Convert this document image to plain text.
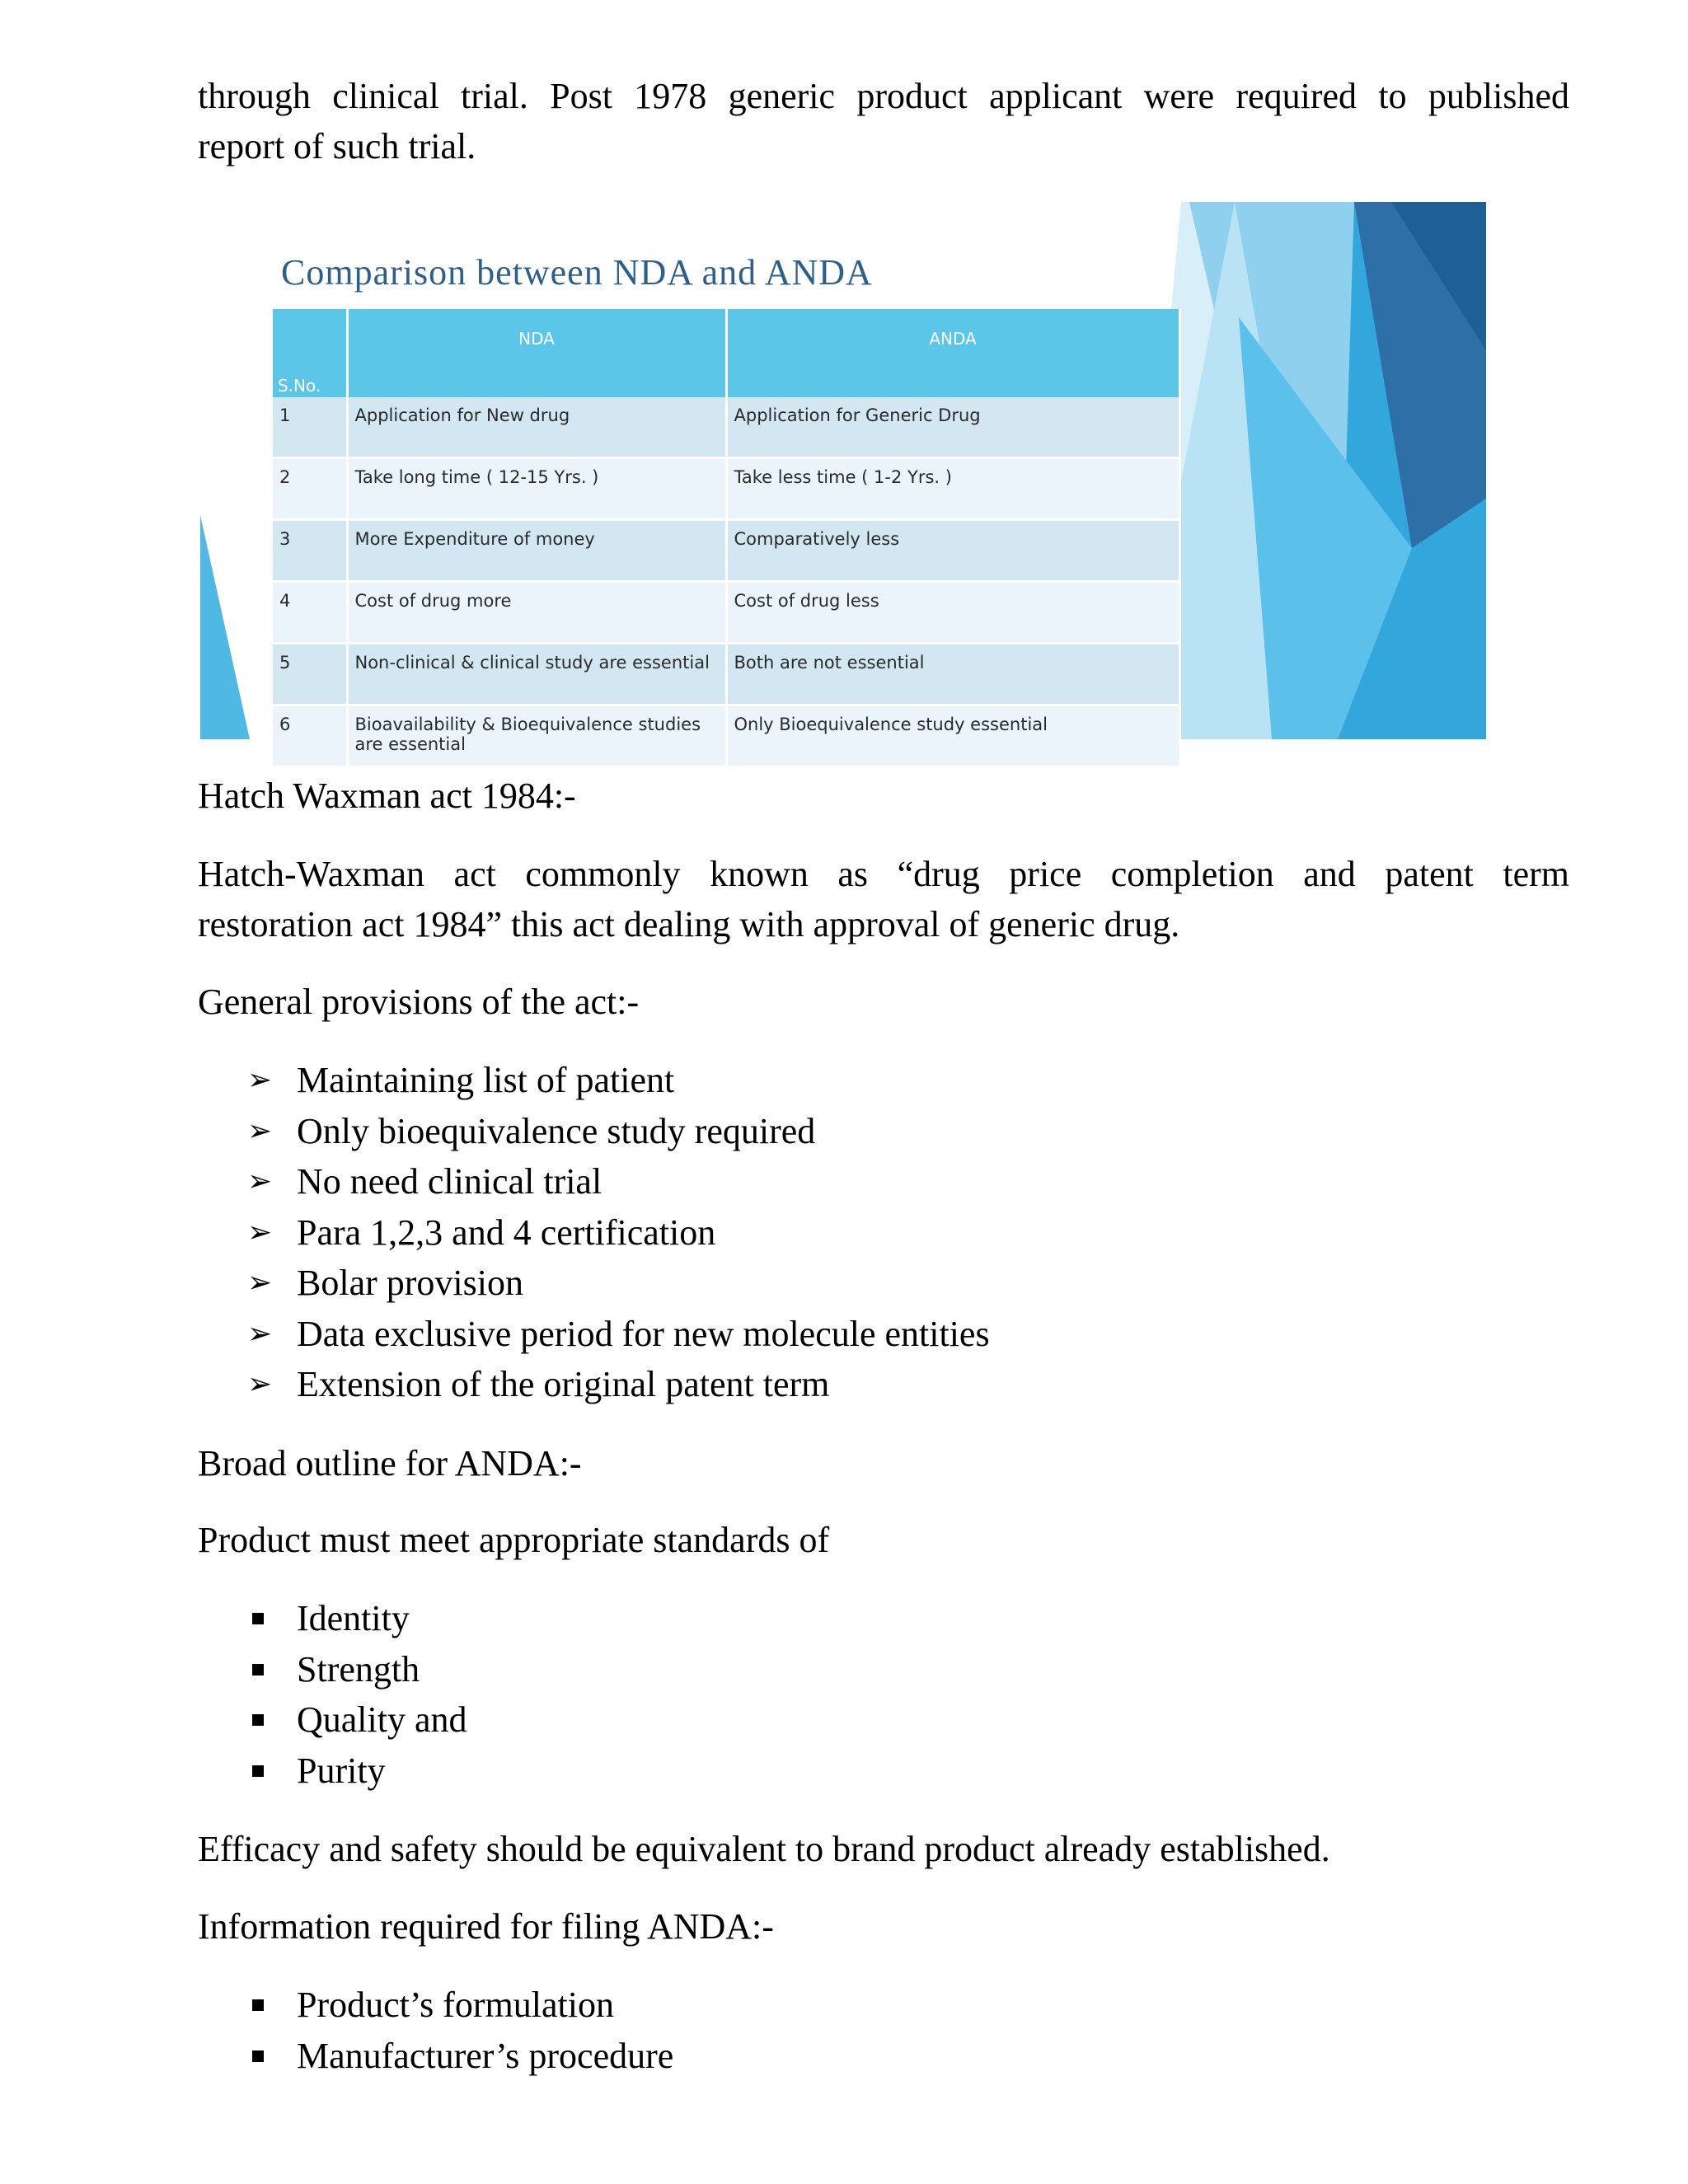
through clinical trial. Post 1978 generic product applicant were required to published
report of such trial.
Comparison between NDA and ANDA
S.No.	NDA	ANDA
1	Application for New drug	Application for Generic Drug
2	Take long time ( 12-15 Yrs. )	Take less time ( 1-2 Yrs. )
3	More Expenditure of money	Comparatively less
4	Cost of drug more	Cost of drug less
5	Non-clinical & clinical study are essential	Both are not essential
6	Bioavailability & Bioequivalence studies are essential	Only Bioequivalence study essential
Hatch Waxman act 1984:-
Hatch-Waxman act commonly known as “drug price completion and patent term
restoration act 1984” this act dealing with approval of generic drug.
General provisions of the act:-
➢ Maintaining list of patient
➢ Only bioequivalence study required
➢ No need clinical trial
➢ Para 1,2,3 and 4 certification
➢ Bolar provision
➢ Data exclusive period for new molecule entities
➢ Extension of the original patent term
Broad outline for ANDA:-
Product must meet appropriate standards of
Identity
Strength
Quality and
Purity
Efficacy and safety should be equivalent to brand product already established.
Information required for filing ANDA:-
Product’s formulation
Manufacturer’s procedure
